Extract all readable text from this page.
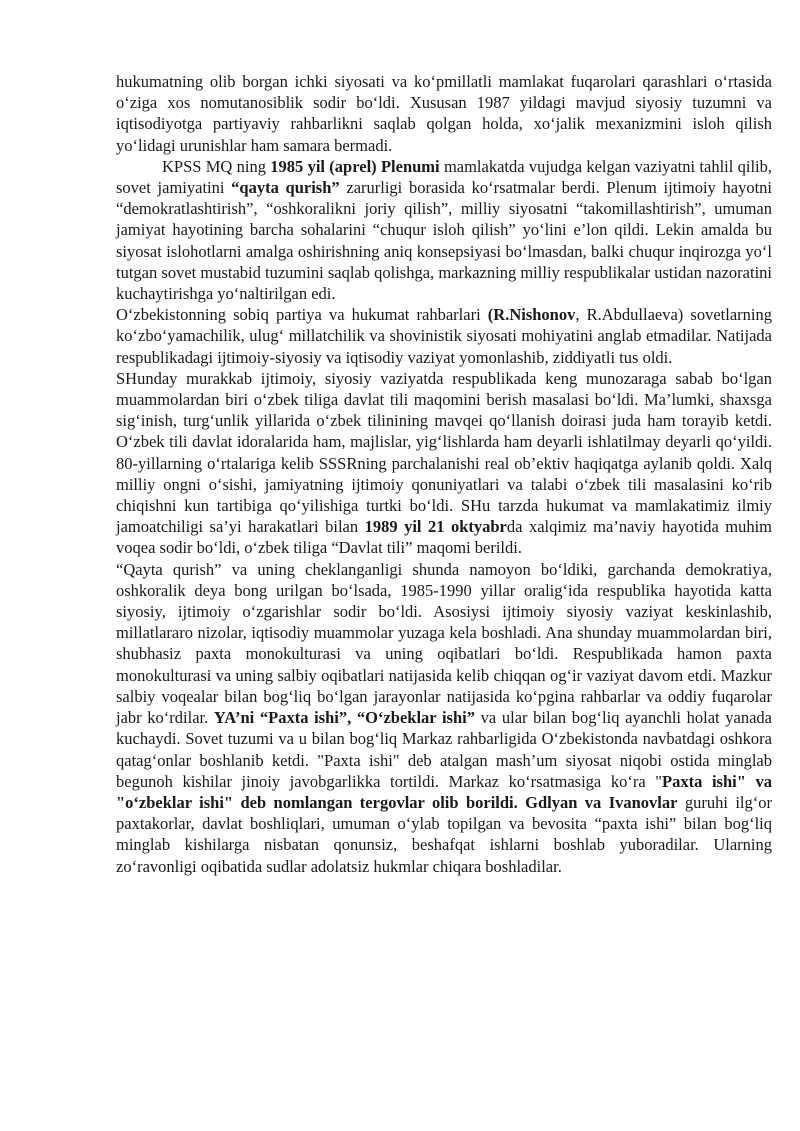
hukumatning olib borgan ichki siyosati va ko‘pmillatli mamlakat fuqarolari qarashlari o‘rtasida o‘ziga xos nomutanosiblik sodir bo‘ldi. Xususan 1987 yildagi mavjud siyosiy tuzumni va iqtisodiyotga partiyaviy rahbarlikni saqlab qolgan holda, xo‘jalik mexanizmini isloh qilish yo‘lidagi urunishlar ham samara bermadi.

KPSS MQ ning 1985 yil (aprel) Plenumi mamlakatda vujudga kelgan vaziyatni tahlil qilib, sovet jamiyatini “qayta qurish” zarurligi borasida ko‘rsatmalar berdi. Plenum ijtimoiy hayotni “demokratlashtirish”, “oshkoralikni joriy qilish”, milliy siyosatni “takomillashtirish”, umuman jamiyat hayotining barcha sohalarini “chuqur isloh qilish” yo‘lini e’lon qildi. Lekin amalda bu siyosat islohotlarni amalga oshirishning aniq konsepsiyasi bo‘lmasdan, balki chuqur inqirozga yo‘l tutgan sovet mustabid tuzumini saqlab qolishga, markazning milliy respublikalar ustidan nazoratini kuchaytirishga yo‘naltirilgan edi.

O‘zbekistonning sobiq partiya va hukumat rahbarlari (R.Nishonov, R.Abdullaeva) sovetlarning ko‘zbo‘yamachilik, ulug‘ millatchilik va shovinistik siyosati mohiyatini anglab etmadilar. Natijada respublikadagi ijtimoiy-siyosiy va iqtisodiy vaziyat yomonlashib, ziddiyatli tus oldi.

SHunday murakkab ijtimoiy, siyosiy vaziyatda respublikada keng munozaraga sabab bo‘lgan muammolardan biri o‘zbek tiliga davlat tili maqomini berish masalasi bo‘ldi. Ma’lumki, shaxsga sig‘inish, turg‘unlik yillarida o‘zbek tilinining mavqei qo‘llanish doirasi juda ham torayib ketdi. O‘zbek tili davlat idoralarida ham, majlislar, yig‘lishlarda ham deyarli ishlatilmay deyarli qo‘yildi. 80-yillarning o‘rtalariga kelib SSSRning parchalanishi real ob’ektiv haqiqatga aylanib qoldi. Xalq milliy ongni o‘sishi, jamiyatning ijtimoiy qonuniyatlari va talabi o‘zbek tili masalasini ko‘rib chiqishni kun tartibiga qo‘yilishiga turtki bo‘ldi. SHu tarzda hukumat va mamlakatimiz ilmiy jamoatchiligi sa’yi harakatlari bilan 1989 yil 21 oktyabrda xalqimiz ma’naviy hayotida muhim voqea sodir bo‘ldi, o‘zbek tiliga “Davlat tili” maqomi berildi.

“Qayta qurish” va uning cheklanganligi shunda namoyon bo‘ldiki, garchanda demokratiya, oshkoralik deya bong urilgan bo‘lsada, 1985-1990 yillar oralig‘ida respublika hayotida katta siyosiy, ijtimoiy o‘zgarishlar sodir bo‘ldi. Asosiysi ijtimoiy siyosiy vaziyat keskinlashib, millatlararo nizolar, iqtisodiy muammolar yuzaga kela boshladi. Ana shunday muammolardan biri, shubhasiz paxta monokulturasi va uning oqibatlari bo‘ldi. Respublikada hamon paxta monokulturasi va uning salbiy oqibatlari natijasida kelib chiqqan og‘ir vaziyat davom etdi. Mazkur salbiy voqealar bilan bog‘liq bo‘lgan jarayonlar natijasida ko‘pgina rahbarlar va oddiy fuqarolar jabr ko‘rdilar. YA’ni “Paxta ishi”, “O‘zbeklar ishi” va ular bilan bog‘liq ayanchli holat yanada kuchaydi. Sovet tuzumi va u bilan bog‘liq Markaz rahbarligida O‘zbekistonda navbatdagi oshkora qatag‘onlar boshlanib ketdi. "Paxta ishi" deb atalgan mash’um siyosat niqobi ostida minglab begunoh kishilar jinoiy javobgarlikka tortildi. Markaz ko‘rsatmasiga ko‘ra "Paxta ishi" va "o‘zbeklar ishi" deb nomlangan tergovlar olib borildi. Gdlyan va Ivanovlar guruhi ilg‘or paxtakorlar, davlat boshliqlari, umuman o‘ylab topilgan va bevosita “paxta ishi” bilan bog‘liq minglab kishilarga nisbatan qonunsiz, beshafqat ishlarni boshlab yuboradilar. Ularning zo‘ravonligi oqibatida sudlar adolatsiz hukmlar chiqara boshladilar.
